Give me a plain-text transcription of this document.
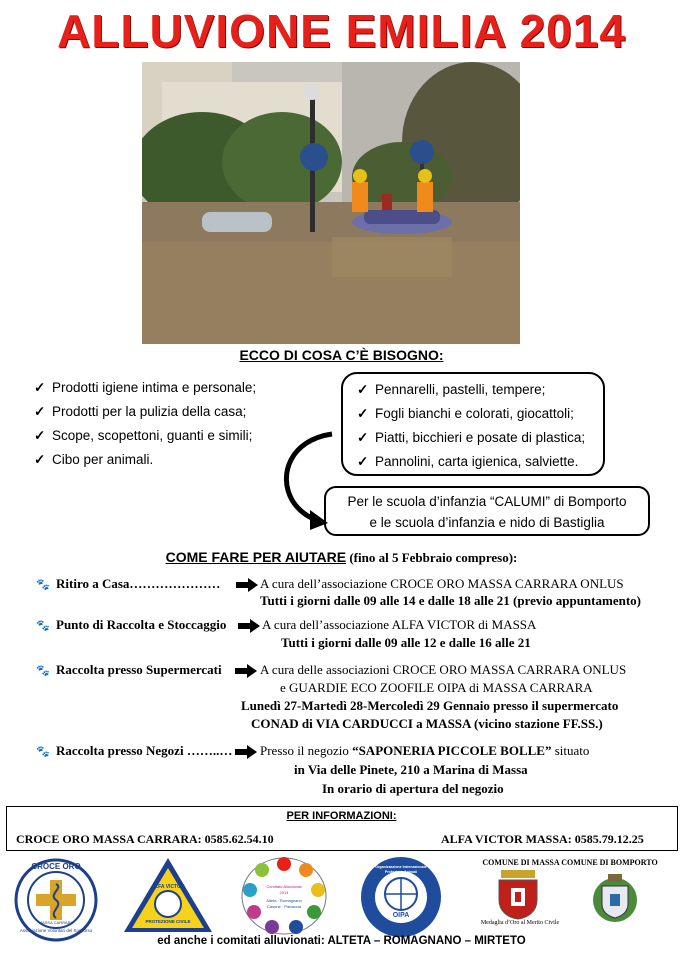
ALLUVIONE EMILIA 2014
ECCO DI COSA C’È BISOGNO:
✓ Prodotti igiene intima e personale;
✓ Prodotti per la pulizia della casa;
✓ Scope, scopettoni, guanti e simili;
✓ Cibo per animali.
✓ Pennarelli, pastelli, tempere;
✓ Fogli bianchi e colorati, giocattoli;
✓ Piatti, bicchieri e posate di plastica;
✓ Pannolini, carta igienica, salviette.
Per le scuola d’infanzia “CALUMI” di Bomporto
e le scuola d’infanzia e nido di Bastiglia
COME FARE PER AIUTARE (fino al 5 Febbraio compreso):
🐾 Ritiro a Casa…………………	A cura dell’associazione CROCE ORO MASSA CARRARA ONLUS
Tutti i giorni dalle 09 alle 14 e dalle 18 alle 21 (previo appuntamento)
🐾 Punto di Raccolta e Stoccaggio	A cura dell’associazione ALFA VICTOR di MASSA
Tutti i giorni dalle 09 alle 12 e dalle 16 alle 21
🐾 Raccolta presso Supermercati	A cura delle associazioni CROCE ORO MASSA CARRARA ONLUS
e GUARDIE ECO ZOOFILE OIPA di MASSA CARRARA
Lunedì 27-Martedì 28-Mercoledì 29 Gennaio presso il supermercato
CONAD di VIA CARDUCCI a MASSA (vicino stazione FF.SS.)
🐾 Raccolta presso Negozi ……..… Presso il negozio “SAPONERIA PICCOLE BOLLE” situato
in Via delle Pinete, 210 a Marina di Massa
In orario di apertura del negozio
PER INFORMAZIONI:
CROCE ORO MASSA CARRARA: 0585.62.54.10	ALFA VICTOR MASSA: 0585.79.12.25
CROCE ORO
MASSA CARRARA
Associazione Volontari del Soccorso
ALFA VICTOR
PROTEZIONE CIVILE
Comitato Alluvionati
2014
Alteta · Romagnano
Casone · Partaccia
Organizzazione Internazionale Protezione Animali
OIPA
COMUNE DI MASSA COMUNE DI BOMPORTO
Medaglia d’Oro al Merito Civile
ed anche i comitati alluvionati: ALTETA – ROMAGNANO – MIRTETO
